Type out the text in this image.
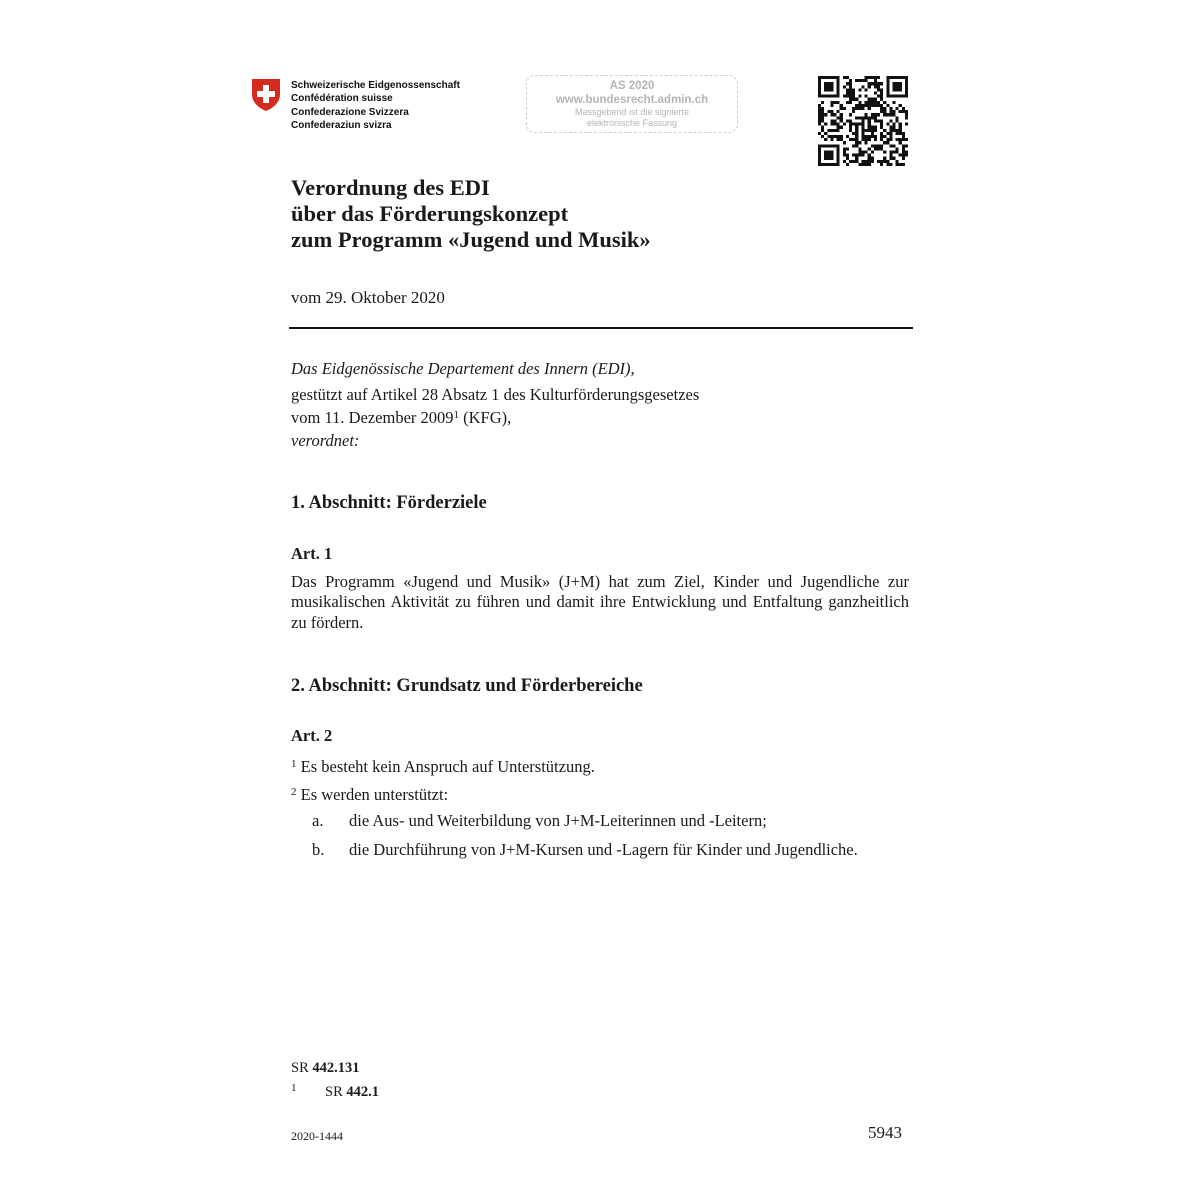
Schweizerische Eidgenossenschaft
Confédération suisse
Confederazione Svizzera
Confederaziun svizra
AS 2020
www.bundesrecht.admin.ch
Massgebend ist die signierte
elektronische Fassung
Verordnung des EDI
über das Förderungskonzept
zum Programm «Jugend und Musik»
vom 29. Oktober 2020
Das Eidgenössische Departement des Innern (EDI),
gestützt auf Artikel 28 Absatz 1 des Kulturförderungsgesetzes
vom 11. Dezember 2009$^1$ (KFG),
verordnet:
1. Abschnitt: Förderziele
Art. 1
Das Programm «Jugend und Musik» (J+M) hat zum Ziel, Kinder und Jugendliche zur musikalischen Aktivität zu führen und damit ihre Entwicklung und Entfaltung ganzheitlich zu fördern.
2. Abschnitt: Grundsatz und Förderbereiche
Art. 2
$^1$ Es besteht kein Anspruch auf Unterstützung.
$^2$ Es werden unterstützt:
a. die Aus- und Weiterbildung von J+M-Leiterinnen und -Leitern;
b. die Durchführung von J+M-Kursen und -Lagern für Kinder und Jugendliche.
SR 442.131
1 SR 442.1
2020-1444	5943
